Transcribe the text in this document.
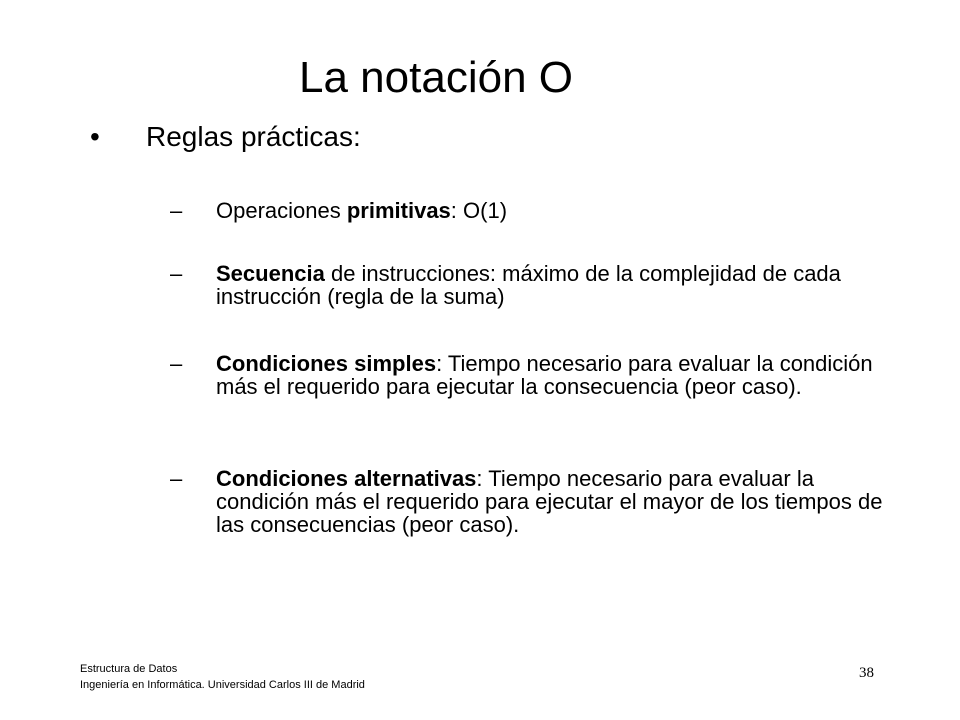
La notación O
• Reglas prácticas:
– Operaciones primitivas: O(1)
– Secuencia de instrucciones: máximo de la complejidad de cada instrucción (regla de la suma)
– Condiciones simples: Tiempo necesario para evaluar la condición más el requerido para ejecutar la consecuencia (peor caso).
– Condiciones alternativas: Tiempo necesario para evaluar la condición más el requerido para ejecutar el mayor de los tiempos de las consecuencias (peor caso).
Estructura de Datos
Ingeniería en Informática. Universidad Carlos III de Madrid
38
